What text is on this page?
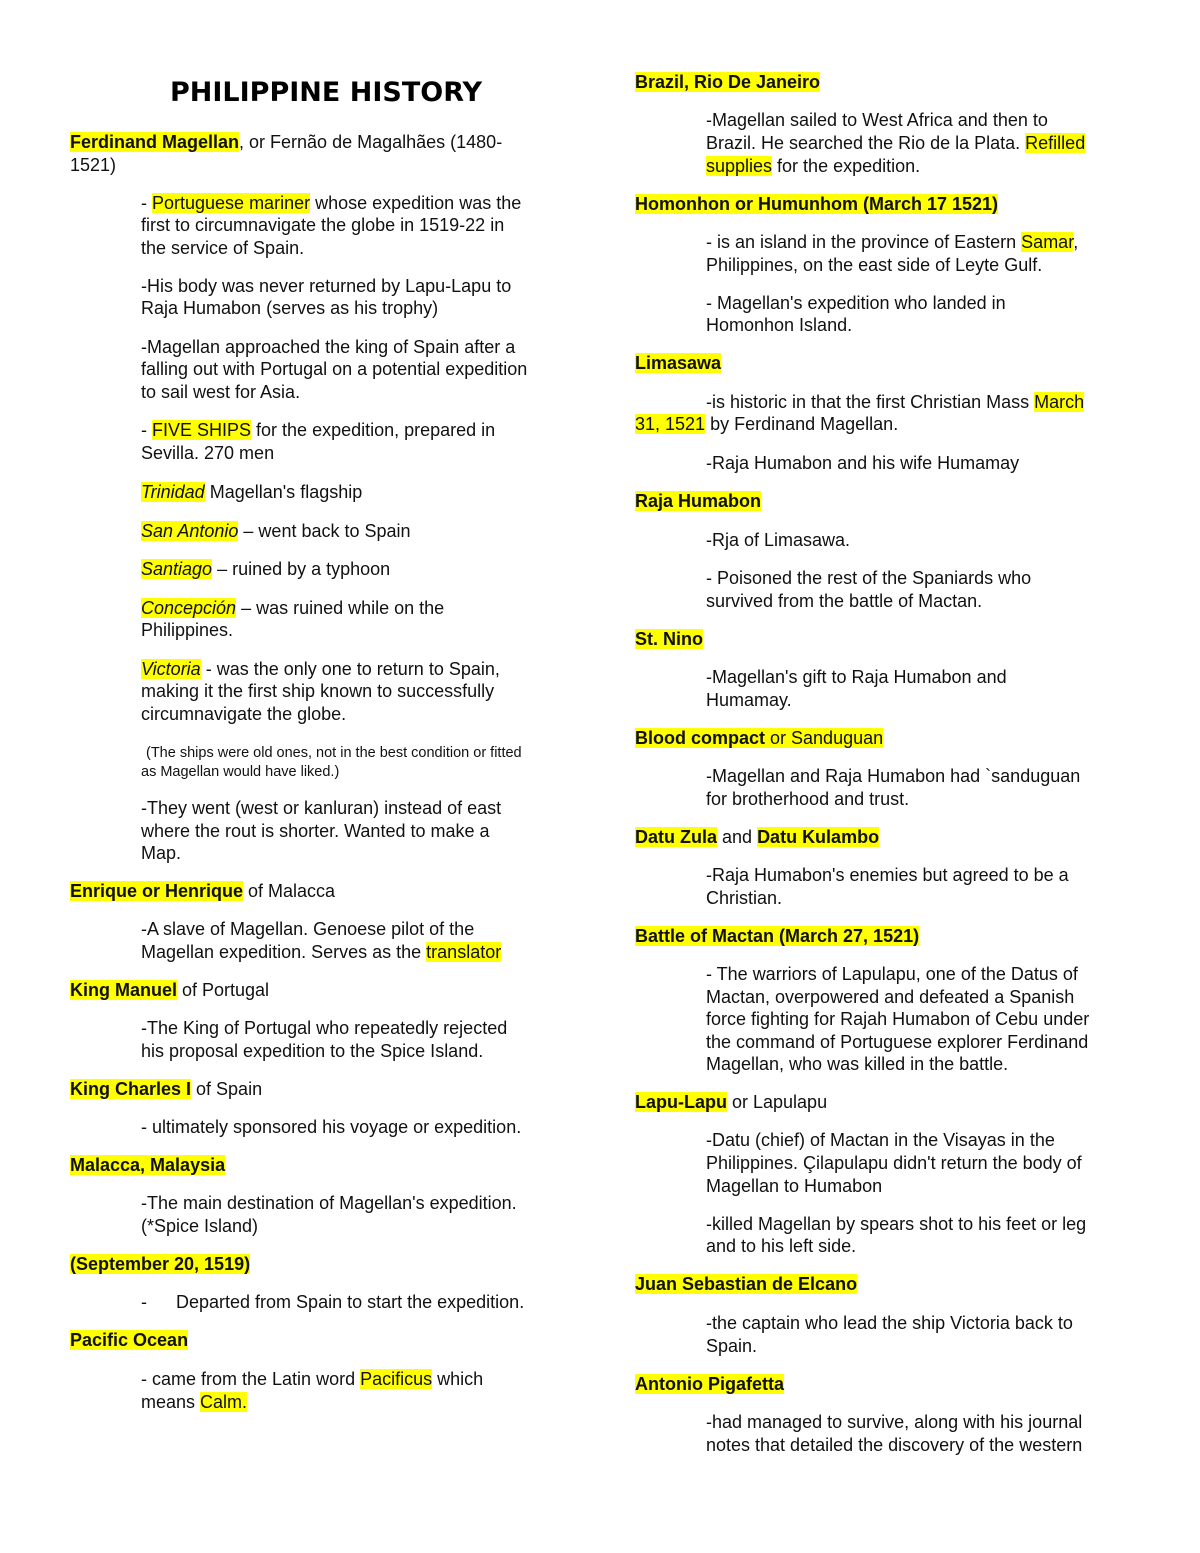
PHILIPPINE HISTORY
Ferdinand Magellan, or Fernão de Magalhães (1480-
1521)
- Portuguese mariner whose expedition was the
first to circumnavigate the globe in 1519-22 in
the service of Spain.
-His body was never returned by Lapu-Lapu to
Raja Humabon (serves as his trophy)
-Magellan approached the king of Spain after a
falling out with Portugal on a potential expedition
to sail west for Asia.
- FIVE SHIPS for the expedition, prepared in
Sevilla. 270 men
Trinidad Magellan's flagship
San Antonio – went back to Spain
Santiago – ruined by a typhoon
Concepción – was ruined while on the
Philippines.
Victoria - was the only one to return to Spain,
making it the first ship known to successfully
circumnavigate the globe.
(The ships were old ones, not in the best condition or fitted
as Magellan would have liked.)
-They went (west or kanluran) instead of east
where the rout is shorter. Wanted to make a
Map.
Enrique or Henrique of Malacca
-A slave of Magellan. Genoese pilot of the
Magellan expedition. Serves as the translator
King Manuel of Portugal
-The King of Portugal who repeatedly rejected
his proposal expedition to the Spice Island.
King Charles I of Spain
- ultimately sponsored his voyage or expedition.
Malacca, Malaysia
-The main destination of Magellan's expedition.
(*Spice Island)
(September 20, 1519)
- Departed from Spain to start the expedition.
Pacific Ocean
- came from the Latin word Pacificus which
means Calm.
Brazil, Rio De Janeiro
-Magellan sailed to West Africa and then to
Brazil. He searched the Rio de la Plata. Refilled
supplies for the expedition.
Homonhon or Humunhom (March 17 1521)
- is an island in the province of Eastern Samar,
Philippines, on the east side of Leyte Gulf.
- Magellan's expedition who landed in
Homonhon Island.
Limasawa
-is historic in that the first Christian Mass March
31, 1521 by Ferdinand Magellan.
-Raja Humabon and his wife Humamay
Raja Humabon
-Rja of Limasawa.
- Poisoned the rest of the Spaniards who
survived from the battle of Mactan.
St. Nino
-Magellan's gift to Raja Humabon and
Humamay.
Blood compact or Sanduguan
-Magellan and Raja Humabon had `sanduguan
for brotherhood and trust.
Datu Zula and Datu Kulambo
-Raja Humabon's enemies but agreed to be a
Christian.
Battle of Mactan (March 27, 1521)
- The warriors of Lapulapu, one of the Datus of
Mactan, overpowered and defeated a Spanish
force fighting for Rajah Humabon of Cebu under
the command of Portuguese explorer Ferdinand
Magellan, who was killed in the battle.
Lapu-Lapu or Lapulapu
-Datu (chief) of Mactan in the Visayas in the
Philippines. Çilapulapu didn't return the body of
Magellan to Humabon
-killed Magellan by spears shot to his feet or leg
and to his left side.
Juan Sebastian de Elcano
-the captain who lead the ship Victoria back to
Spain.
Antonio Pigafetta
-had managed to survive, along with his journal
notes that detailed the discovery of the western
